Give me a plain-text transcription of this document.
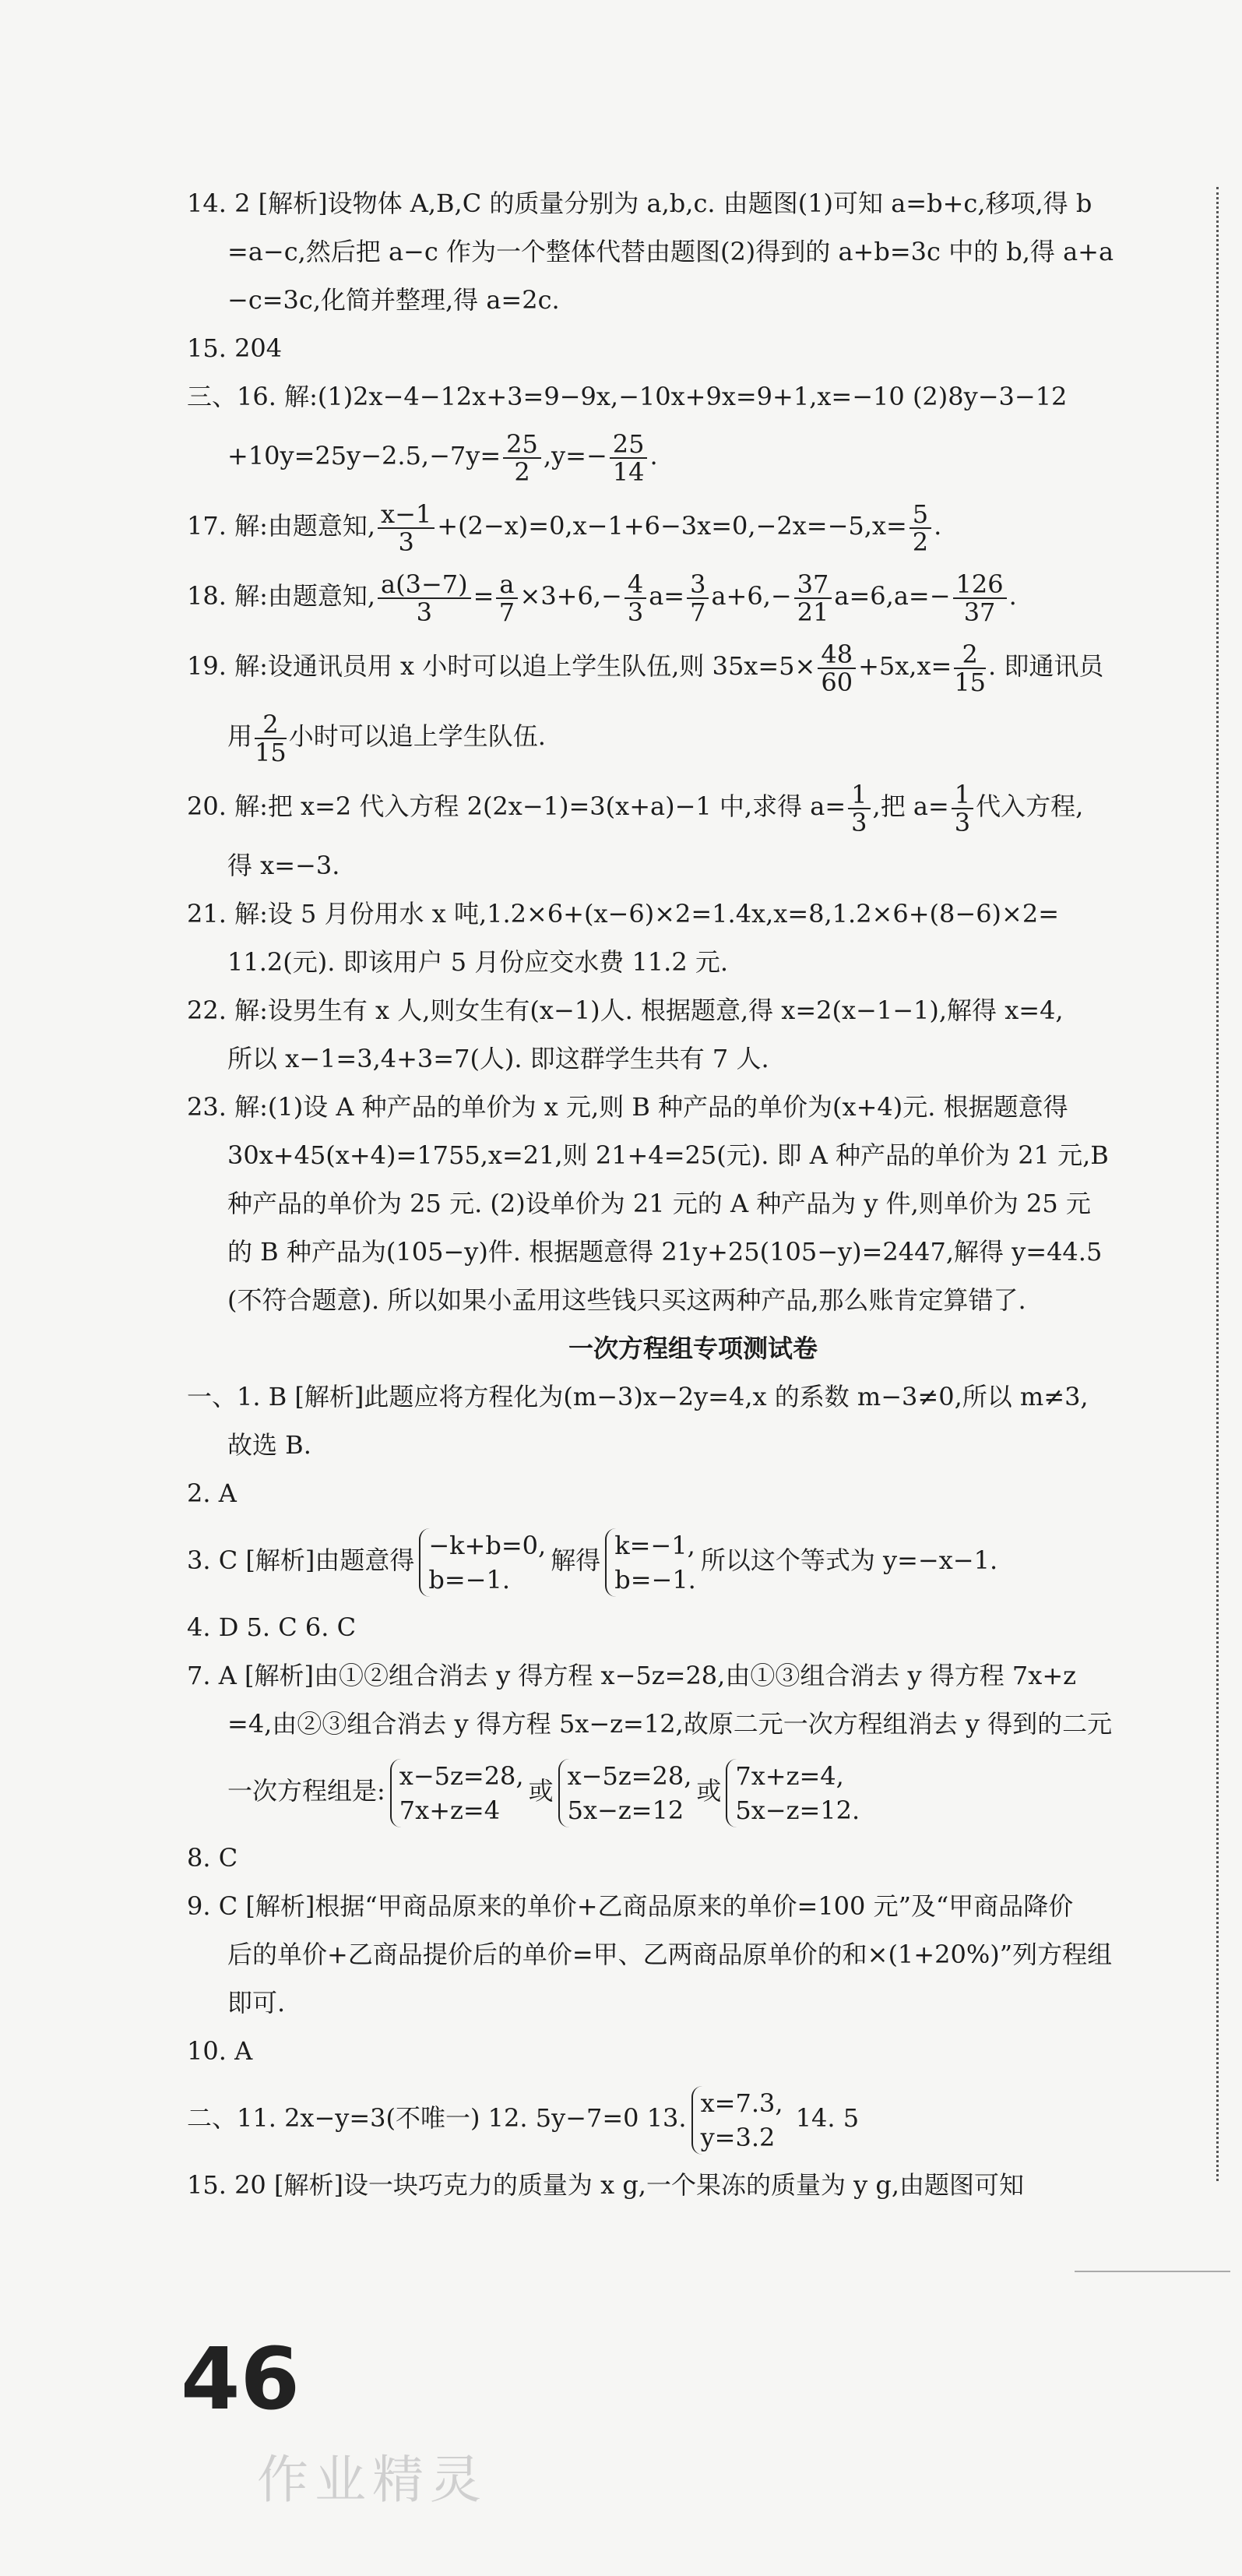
14. 2 [解析]设物体 A,B,C 的质量分别为 a,b,c. 由题图(1)可知 a=b+c,移项,得 b

=a−c,然后把 a−c 作为一个整体代替由题图(2)得到的 a+b=3c 中的 b,得 a+a

−c=3c,化简并整理,得 a=2c.

15. 204

三、16. 解:(1)2x−4−12x+3=9−9x,−10x+9x=9+1,x=−10 (2)8y−3−12

$+10y=25y-2.5,-7y= \frac{25}{2} ,y=- \frac{25}{14}$ .

17. 解:由题意知, $\frac{x-1}{3} +(2-x)=0,x-1+6-3x=0,-2x=-5,x= \frac{5}{2}$ .

18. 解:由题意知, $\frac{a(3-7)}{3} = \frac{a}{7} \times 3+6,- \frac{4}{3} a= \frac{3}{7} a+6,- \frac{37}{21} a=6,a=- \frac{126}{37}$ .

19. 解:设通讯员用 x 小时可以追上学生队伍,则 $35x=5\times \frac{48}{60} +5x,x= \frac{2}{15}$ . 即通讯员

用 $\frac{2}{15}$ 小时可以追上学生队伍.

20. 解:把 x=2 代入方程 2(2x−1)=3(x+a)−1 中,求得 $a= \frac{1}{3}$ ,把 $a= \frac{1}{3}$ 代入方程,

得 x=−3.

21. 解:设 5 月份用水 x 吨,1.2×6+(x−6)×2=1.4x,x=8,1.2×6+(8−6)×2=

11.2(元). 即该用户 5 月份应交水费 11.2 元.

22. 解:设男生有 x 人,则女生有(x−1)人. 根据题意,得 x=2(x−1−1),解得 x=4,

所以 x−1=3,4+3=7(人). 即这群学生共有 7 人.

23. 解:(1)设 A 种产品的单价为 x 元,则 B 种产品的单价为(x+4)元. 根据题意得

30x+45(x+4)=1755,x=21,则 21+4=25(元). 即 A 种产品的单价为 21 元,B

种产品的单价为 25 元. (2)设单价为 21 元的 A 种产品为 y 件,则单价为 25 元

的 B 种产品为(105−y)件. 根据题意得 21y+25(105−y)=2447,解得 y=44.5

(不符合题意). 所以如果小孟用这些钱只买这两种产品,那么账肯定算错了.

一次方程组专项测试卷

一、1. B [解析]此题应将方程化为(m−3)x−2y=4,x 的系数 m−3≠0,所以 m≠3,

故选 B.

2. A

3. C [解析]由题意得
−k+b=0,
b=−1.
解得
k=−1,
b=−1.
所以这个等式为 y=−x−1.

4. D 5. C 6. C

7. A [解析]由①②组合消去 y 得方程 x−5z=28,由①③组合消去 y 得方程 7x+z

=4,由②③组合消去 y 得方程 5x−z=12,故原二元一次方程组消去 y 得到的二元

一次方程组是:
x−5z=28,
7x+z=4
或
x−5z=28,
5x−z=12
或
7x+z=4,
5x−z=12.

8. C

9. C [解析]根据“甲商品原来的单价+乙商品原来的单价=100 元”及“甲商品降价

后的单价+乙商品提价后的单价=甲、乙两商品原单价的和×(1+20%)”列方程组

即可.

10. A

二、11. 2x−y=3(不唯一) 12. 5y−7=0 13.
x=7.3,
y=3.2
14. 5

15. 20 [解析]设一块巧克力的质量为 x g,一个果冻的质量为 y g,由题图可知

46
作业精灵
